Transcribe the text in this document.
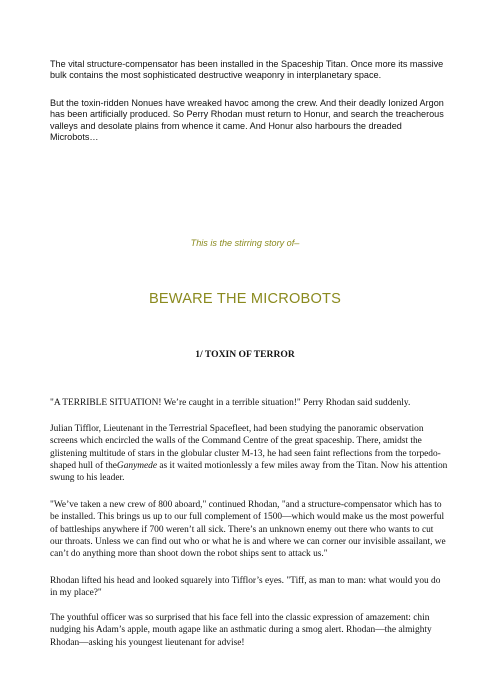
The vital structure-compensator has been installed in the Spaceship Titan. Once more its massive bulk contains the most sophisticated destructive weaponry in interplanetary space.

But the toxin-ridden Nonues have wreaked havoc among the crew. And their deadly Ionized Argon has been artificially produced. So Perry Rhodan must return to Honur, and search the treacherous valleys and desolate plains from whence it came. And Honur also harbours the dreaded Microbots…

This is the stirring story of–

BEWARE THE MICROBOTS

1/ TOXIN OF TERROR

"A TERRIBLE SITUATION! We’re caught in a terrible situation!" Perry Rhodan said suddenly.

Julian Tifflor, Lieutenant in the Terrestrial Spacefleet, had been studying the panoramic observation screens which encircled the walls of the Command Centre of the great spaceship. There, amidst the glistening multitude of stars in the globular cluster M-13, he had seen faint reflections from the torpedo-shaped hull of theGanymede as it waited motionlessly a few miles away from the Titan. Now his attention swung to his leader.

"We’ve taken a new crew of 800 aboard," continued Rhodan, "and a structure-compensator which has to be installed. This brings us up to our full complement of 1500—which would make us the most powerful of battleships anywhere if 700 weren’t all sick. There’s an unknown enemy out there who wants to cut our throats. Unless we can find out who or what he is and where we can corner our invisible assailant, we can’t do anything more than shoot down the robot ships sent to attack us."

Rhodan lifted his head and looked squarely into Tifflor’s eyes. "Tiff, as man to man: what would you do in my place?"

The youthful officer was so surprised that his face fell into the classic expression of amazement: chin nudging his Adam’s apple, mouth agape like an asthmatic during a smog alert. Rhodan—the almighty Rhodan—asking his youngest lieutenant for advise!
